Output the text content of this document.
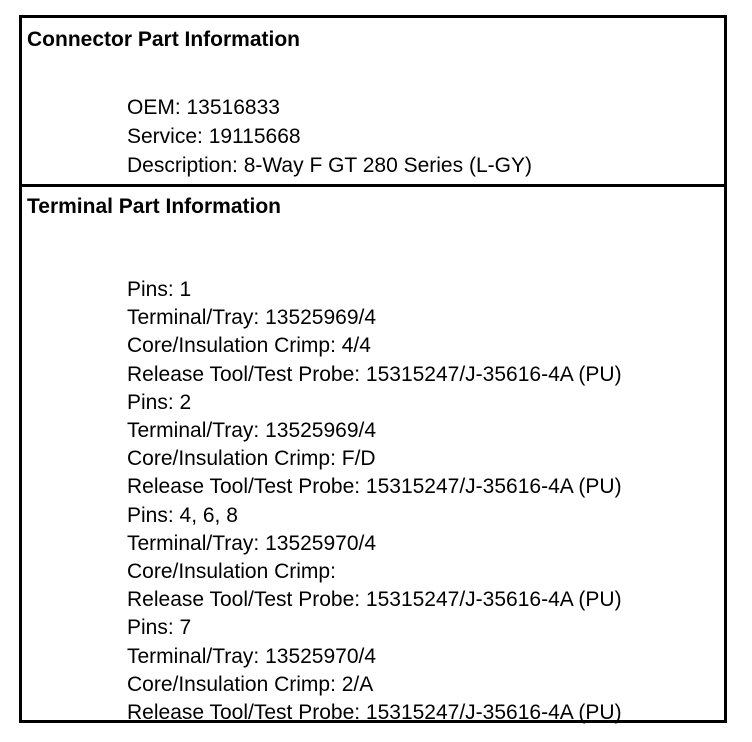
Connector Part Information
OEM: 13516833
Service: 19115668
Description: 8-Way F GT 280 Series (L-GY)
Terminal Part Information
Pins: 1
Terminal/Tray: 13525969/4
Core/Insulation Crimp: 4/4
Release Tool/Test Probe: 15315247/J-35616-4A (PU)
Pins: 2
Terminal/Tray: 13525969/4
Core/Insulation Crimp: F/D
Release Tool/Test Probe: 15315247/J-35616-4A (PU)
Pins: 4, 6, 8
Terminal/Tray: 13525970/4
Core/Insulation Crimp:
Release Tool/Test Probe: 15315247/J-35616-4A (PU)
Pins: 7
Terminal/Tray: 13525970/4
Core/Insulation Crimp: 2/A
Release Tool/Test Probe: 15315247/J-35616-4A (PU)
